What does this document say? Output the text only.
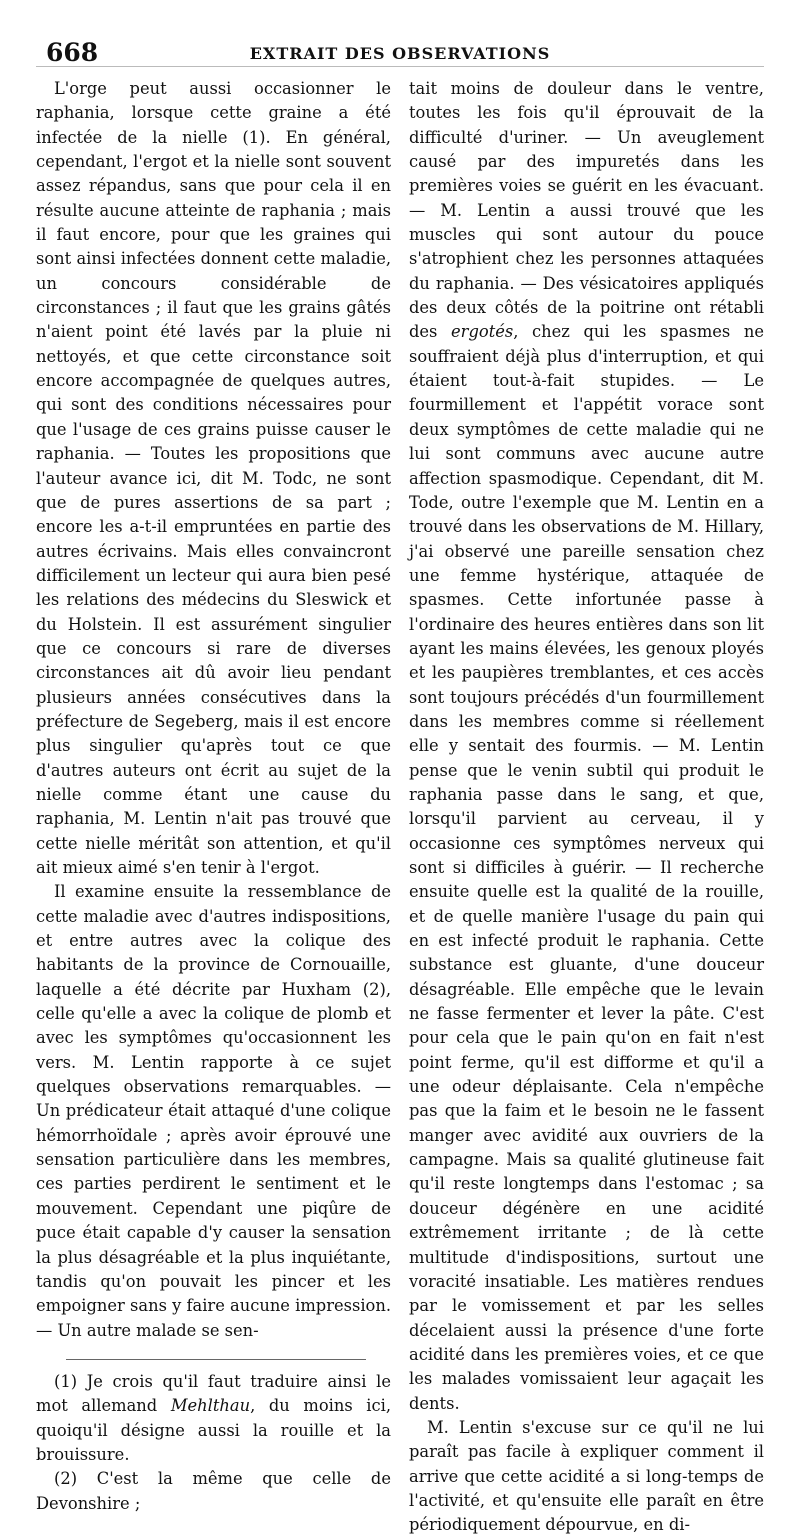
668	EXTRAIT DES OBSERVATIONS

L'orge peut aussi occasionner le raphania, lorsque cette graine a été infectée de la nielle (1). En général, cependant, l'ergot et la nielle sont souvent assez répandus, sans que pour cela il en résulte aucune atteinte de raphania ; mais il faut encore, pour que les graines qui sont ainsi infectées donnent cette maladie, un concours considérable de circonstances ; il faut que les grains gâtés n'aient point été lavés par la pluie ni nettoyés, et que cette circonstance soit encore accompagnée de quelques autres, qui sont des conditions nécessaires pour que l'usage de ces grains puisse causer le raphania. — Toutes les propositions que l'auteur avance ici, dit M. Todc, ne sont que de pures assertions de sa part ; encore les a-t-il empruntées en partie des autres écrivains. Mais elles convaincront difficilement un lecteur qui aura bien pesé les relations des médecins du Sleswick et du Holstein. Il est assurément singulier que ce concours si rare de diverses circonstances ait dû avoir lieu pendant plusieurs années consécutives dans la préfecture de Segeberg, mais il est encore plus singulier qu'après tout ce que d'autres auteurs ont écrit au sujet de la nielle comme étant une cause du raphania, M. Lentin n'ait pas trouvé que cette nielle méritât son attention, et qu'il ait mieux aimé s'en tenir à l'ergot.

Il examine ensuite la ressemblance de cette maladie avec d'autres indispositions, et entre autres avec la colique des habitants de la province de Cornouaille, laquelle a été décrite par Huxham (2), celle qu'elle a avec la colique de plomb et avec les symptômes qu'occasionnent les vers. M. Lentin rapporte à ce sujet quelques observations remarquables. — Un prédicateur était attaqué d'une colique hémorrhoïdale ; après avoir éprouvé une sensation particulière dans les membres, ces parties perdirent le sentiment et le mouvement. Cependant une piqûre de puce était capable d'y causer la sensation la plus désagréable et la plus inquiétante, tandis qu'on pouvait les pincer et les empoigner sans y faire aucune impression. — Un autre malade se sen-

(1) Je crois qu'il faut traduire ainsi le mot allemand Mehlthau, du moins ici, quoiqu'il désigne aussi la rouille et la brouissure.

(2) C'est la même que celle de Devonshire ;

tait moins de douleur dans le ventre, toutes les fois qu'il éprouvait de la difficulté d'uriner. — Un aveuglement causé par des impuretés dans les premières voies se guérit en les évacuant. — M. Lentin a aussi trouvé que les muscles qui sont autour du pouce s'atrophient chez les personnes attaquées du raphania. — Des vésicatoires appliqués des deux côtés de la poitrine ont rétabli des ergotés, chez qui les spasmes ne souffraient déjà plus d'interruption, et qui étaient tout-à-fait stupides. — Le fourmillement et l'appétit vorace sont deux symptômes de cette maladie qui ne lui sont communs avec aucune autre affection spasmodique. Cependant, dit M. Tode, outre l'exemple que M. Lentin en a trouvé dans les observations de M. Hillary, j'ai observé une pareille sensation chez une femme hystérique, attaquée de spasmes. Cette infortunée passe à l'ordinaire des heures entières dans son lit ayant les mains élevées, les genoux ployés et les paupières tremblantes, et ces accès sont toujours précédés d'un fourmillement dans les membres comme si réellement elle y sentait des fourmis. — M. Lentin pense que le venin subtil qui produit le raphania passe dans le sang, et que, lorsqu'il parvient au cerveau, il y occasionne ces symptômes nerveux qui sont si difficiles à guérir. — Il recherche ensuite quelle est la qualité de la rouille, et de quelle manière l'usage du pain qui en est infecté produit le raphania. Cette substance est gluante, d'une douceur désagréable. Elle empêche que le levain ne fasse fermenter et lever la pâte. C'est pour cela que le pain qu'on en fait n'est point ferme, qu'il est difforme et qu'il a une odeur déplaisante. Cela n'empêche pas que la faim et le besoin ne le fassent manger avec avidité aux ouvriers de la campagne. Mais sa qualité glutineuse fait qu'il reste longtemps dans l'estomac ; sa douceur dégénère en une acidité extrêmement irritante ; de là cette multitude d'indispositions, surtout une voracité insatiable. Les matières rendues par le vomissement et par les selles décelaient aussi la présence d'une forte acidité dans les premières voies, et ce que les malades vomissaient leur agaçait les dents.

M. Lentin s'excuse sur ce qu'il ne lui paraît pas facile à expliquer comment il arrive que cette acidité a si long-temps de l'activité, et qu'ensuite elle paraît en être périodiquement dépourvue, en di-
